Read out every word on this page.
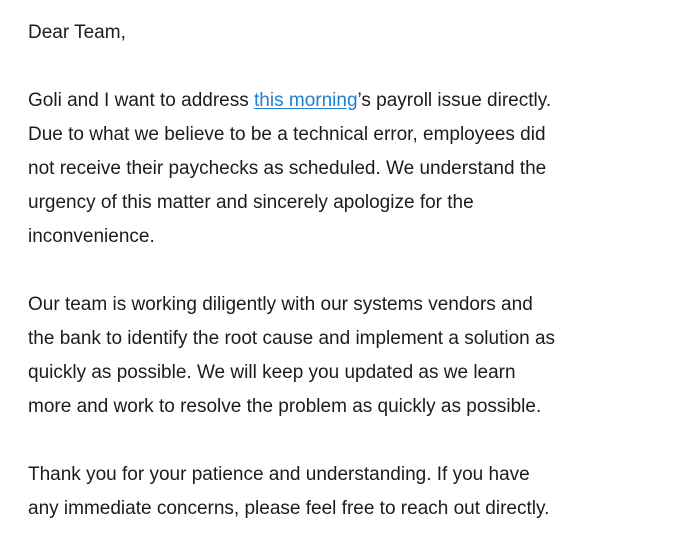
Dear Team,
Goli and I want to address this morning’s payroll issue directly.
Due to what we believe to be a technical error, employees did
not receive their paychecks as scheduled. We understand the
urgency of this matter and sincerely apologize for the
inconvenience.
Our team is working diligently with our systems vendors and
the bank to identify the root cause and implement a solution as
quickly as possible. We will keep you updated as we learn
more and work to resolve the problem as quickly as possible.
Thank you for your patience and understanding. If you have
any immediate concerns, please feel free to reach out directly.
